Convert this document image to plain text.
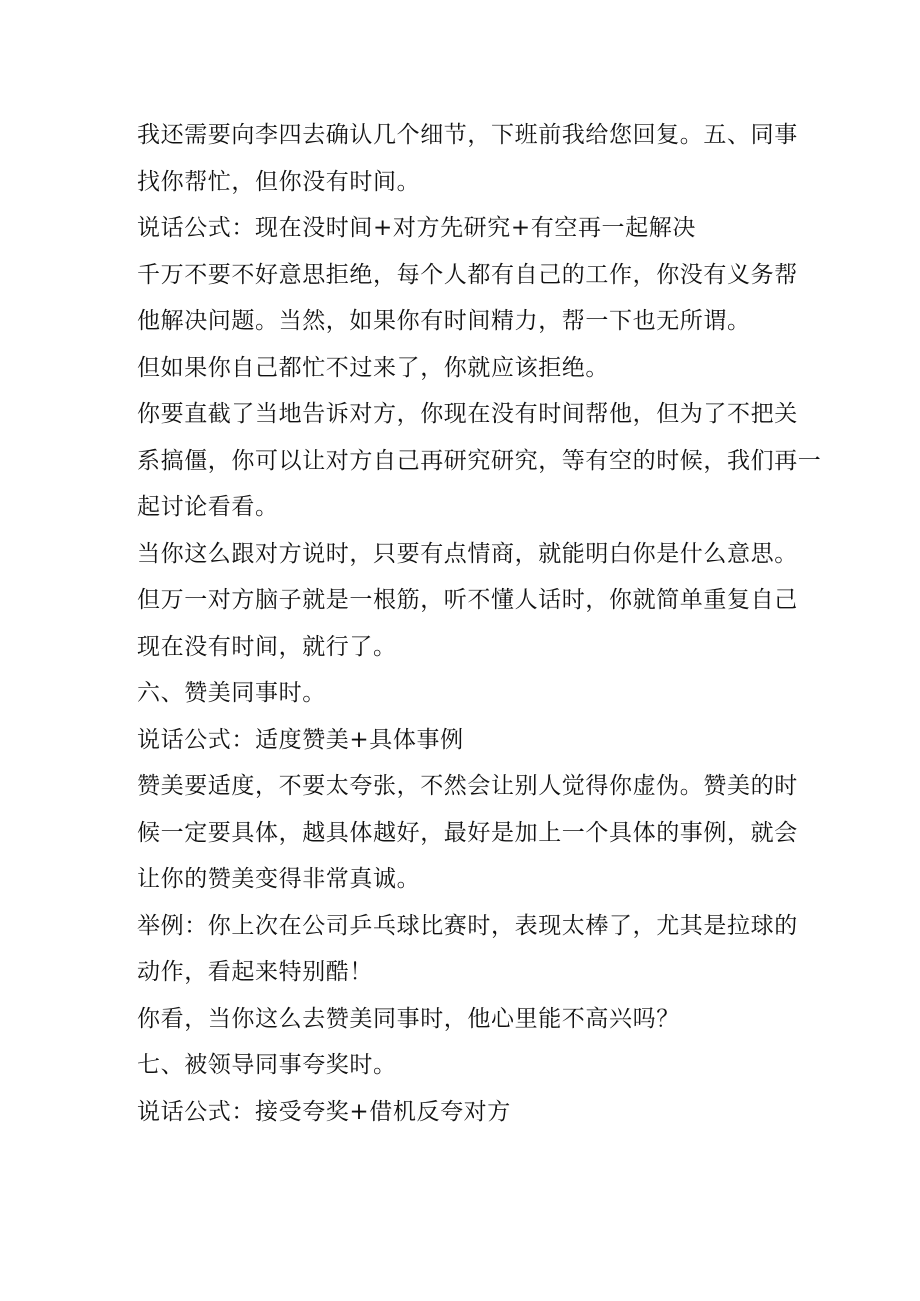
我还需要向李四去确认几个细节，下班前我给您回复。五、同事
找你帮忙，但你没有时间。
说话公式：现在没时间+对方先研究+有空再一起解决
千万不要不好意思拒绝，每个人都有自己的工作，你没有义务帮
他解决问题。当然，如果你有时间精力，帮一下也无所谓。
但如果你自己都忙不过来了，你就应该拒绝。
你要直截了当地告诉对方，你现在没有时间帮他，但为了不把关
系搞僵，你可以让对方自己再研究研究，等有空的时候，我们再一
起讨论看看。
当你这么跟对方说时，只要有点情商，就能明白你是什么意思。
但万一对方脑子就是一根筋，听不懂人话时，你就简单重复自己
现在没有时间，就行了。
六、赞美同事时。
说话公式：适度赞美+具体事例
赞美要适度，不要太夸张，不然会让别人觉得你虚伪。赞美的时
候一定要具体，越具体越好，最好是加上一个具体的事例，就会
让你的赞美变得非常真诚。
举例：你上次在公司乒乓球比赛时，表现太棒了，尤其是拉球的
动作，看起来特别酷！
你看，当你这么去赞美同事时，他心里能不高兴吗？
七、被领导同事夸奖时。
说话公式：接受夸奖+借机反夸对方
